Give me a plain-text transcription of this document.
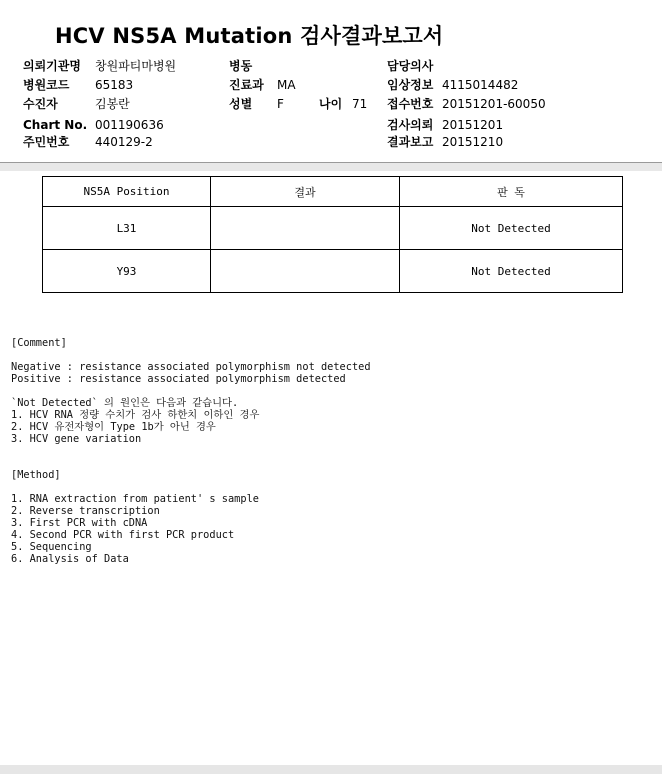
HCV NS5A Mutation 검사결과보고서
의뢰기관명 창원파티마병원
병원코드 65183
수진자	김봉란
Chart No. 001190636
주민번호 440129-2
병동
진료과 MA
성별 F	나이 71
담당의사
임상정보 4115014482
접수번호 20151201-60050
검사의뢰 20151201
결과보고 20151210
NS5A Position	결과	판 독
L31		Not Detected
Y93		Not Detected
[Comment]
Negative : resistance associated polymorphism not detected
Positive : resistance associated polymorphism detected
`Not Detected` 의 원인은 다음과 같습니다.
1. HCV RNA 정량 수치가 검사 하한치 이하인 경우
2. HCV 유전자형이 Type 1b가 아닌 경우
3. HCV gene variation
[Method]
1. RNA extraction from patient' s sample
2. Reverse transcription
3. First PCR with cDNA
4. Second PCR with first PCR product
5. Sequencing
6. Analysis of Data
